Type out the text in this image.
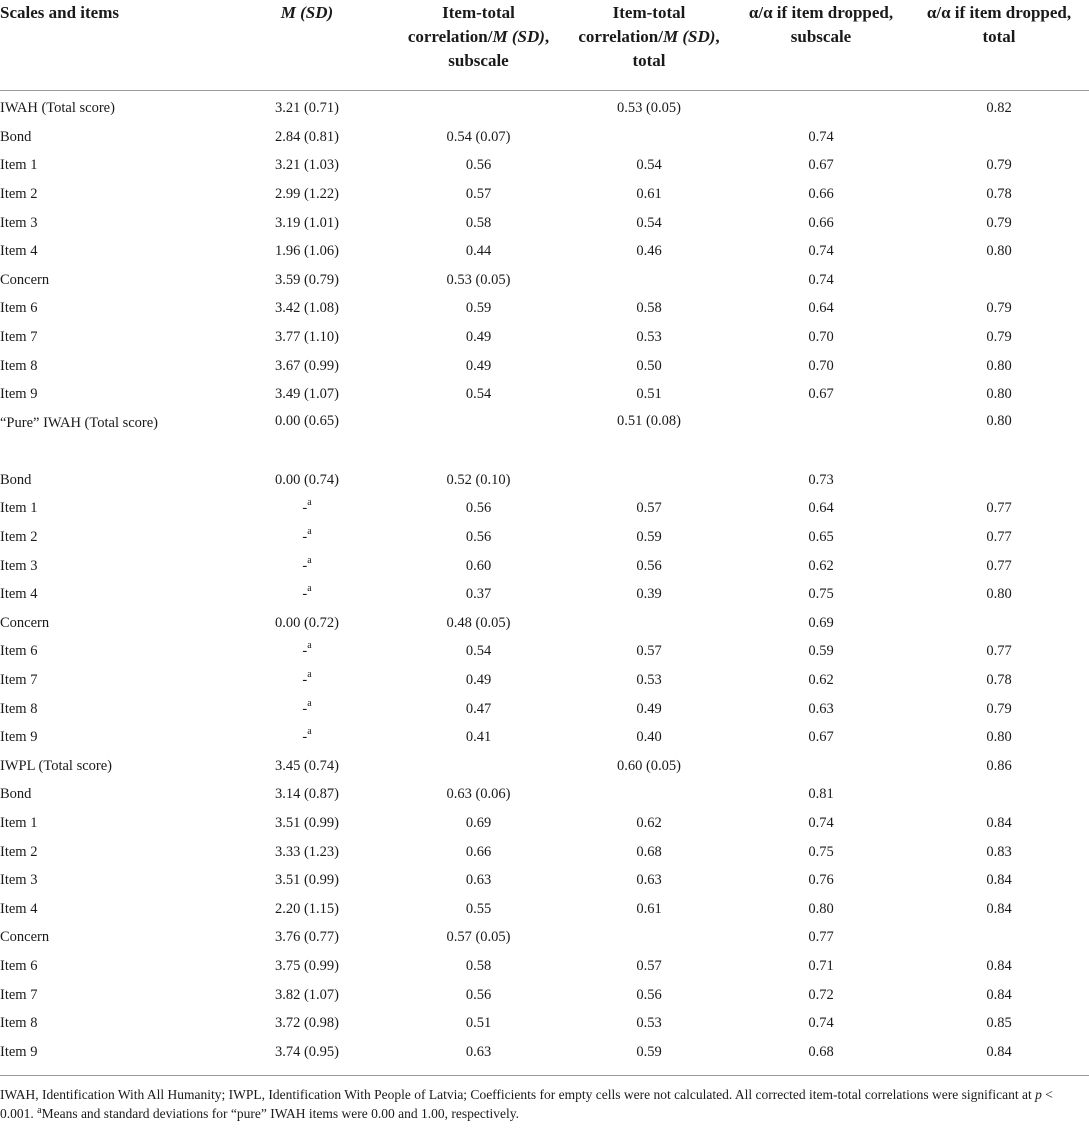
Scales and items	M (SD)	Item-total correlation/M (SD), subscale	Item-total correlation/M (SD), total	α/α if item dropped, subscale	α/α if item dropped, total
IWAH (Total score)	3.21 (0.71)		0.53 (0.05)		0.82
Bond	2.84 (0.81)	0.54 (0.07)		0.74	
Item 1	3.21 (1.03)	0.56	0.54	0.67	0.79
Item 2	2.99 (1.22)	0.57	0.61	0.66	0.78
Item 3	3.19 (1.01)	0.58	0.54	0.66	0.79
Item 4	1.96 (1.06)	0.44	0.46	0.74	0.80
Concern	3.59 (0.79)	0.53 (0.05)		0.74	
Item 6	3.42 (1.08)	0.59	0.58	0.64	0.79
Item 7	3.77 (1.10)	0.49	0.53	0.70	0.79
Item 8	3.67 (0.99)	0.49	0.50	0.70	0.80
Item 9	3.49 (1.07)	0.54	0.51	0.67	0.80
“Pure” IWAH (Total score)	0.00 (0.65)		0.51 (0.08)		0.80
Bond	0.00 (0.74)	0.52 (0.10)		0.73	
Item 1	-$^a$	0.56	0.57	0.64	0.77
Item 2	-$^a$	0.56	0.59	0.65	0.77
Item 3	-$^a$	0.60	0.56	0.62	0.77
Item 4	-$^a$	0.37	0.39	0.75	0.80
Concern	0.00 (0.72)	0.48 (0.05)		0.69	
Item 6	-$^a$	0.54	0.57	0.59	0.77
Item 7	-$^a$	0.49	0.53	0.62	0.78
Item 8	-$^a$	0.47	0.49	0.63	0.79
Item 9	-$^a$	0.41	0.40	0.67	0.80
IWPL (Total score)	3.45 (0.74)		0.60 (0.05)		0.86
Bond	3.14 (0.87)	0.63 (0.06)		0.81	
Item 1	3.51 (0.99)	0.69	0.62	0.74	0.84
Item 2	3.33 (1.23)	0.66	0.68	0.75	0.83
Item 3	3.51 (0.99)	0.63	0.63	0.76	0.84
Item 4	2.20 (1.15)	0.55	0.61	0.80	0.84
Concern	3.76 (0.77)	0.57 (0.05)		0.77	
Item 6	3.75 (0.99)	0.58	0.57	0.71	0.84
Item 7	3.82 (1.07)	0.56	0.56	0.72	0.84
Item 8	3.72 (0.98)	0.51	0.53	0.74	0.85
Item 9	3.74 (0.95)	0.63	0.59	0.68	0.84
IWAH, Identification With All Humanity; IWPL, Identification With People of Latvia; Coefficients for empty cells were not calculated. All corrected item-total correlations were significant at p < 0.001. $^a$Means and standard deviations for “pure” IWAH items were 0.00 and 1.00, respectively.
